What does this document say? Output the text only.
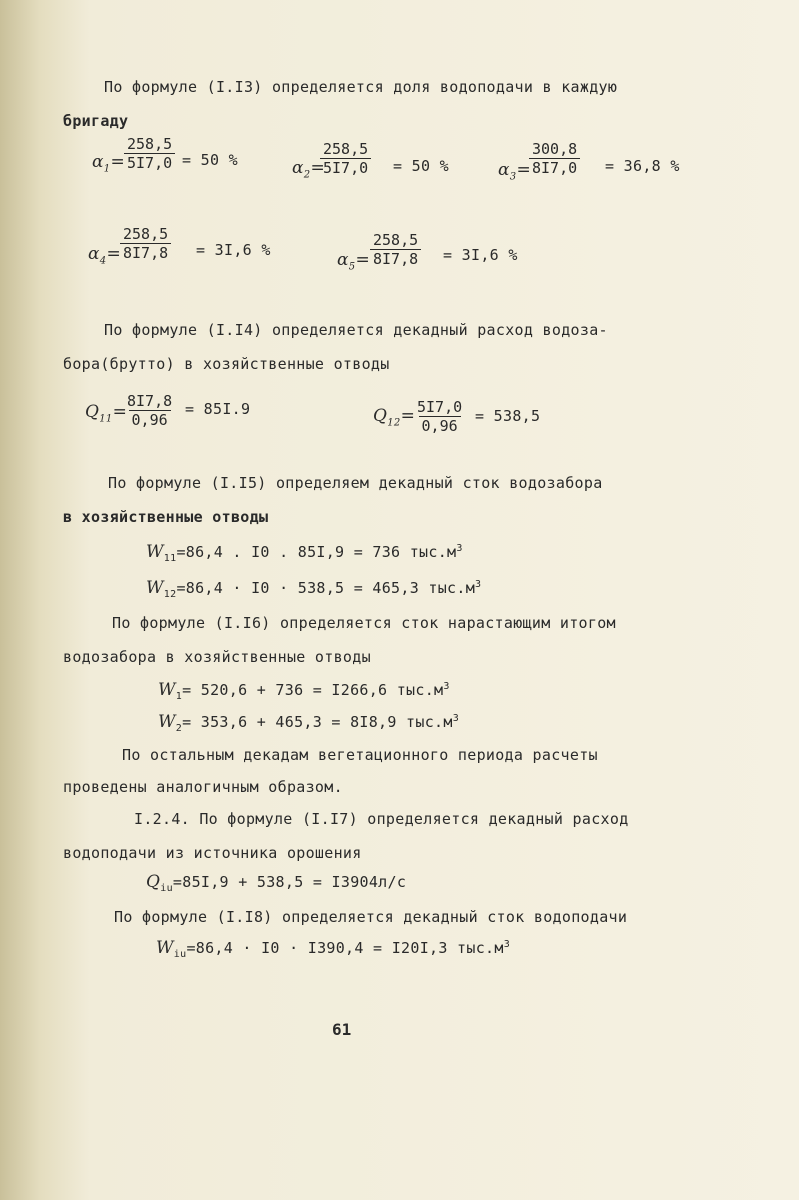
По формуле (I.I3) определяется доля водоподачи в каждую
бригаду
$\alpha_1= \frac{258,5}{5I7,0} = 50$ %	$\alpha_2=$
$\frac{258,5}{5I7,0} = 50$ %	$\alpha_3=$
$\frac{300,8}{8I7,0} = 36,8$ %
$\alpha_4= \frac{258,5}{8I7,8} = 3I,6$ %	$\alpha_5= \frac{258,5}{8I7,8} = 3I,6$ %
По формуле (I.I4) определяется декадный расход водоза-
бора(брутто) в хозяйственные отводы
$Q_{11}=$
$\frac{8I7,8}{0,96} = 85I.9$	$Q_{12}=$
$\frac{5I7,0}{0,96} = 538,5$
По формуле (I.I5) определяем декадный сток водозабора
в хозяйственные отводы
$W_{11}=86,4$ . I0 . 85I,9 = 736 $тыс.м^3$
$W_{12}=86,4 \cdot I0 \cdot 538,5 = 465,3$ $тыс.м^3$
По формуле (I.I6) определяется сток нарастающим итогом
водозабора в хозяйственные отводы
$W_1= 520,6 + 736 = I266,6$ $тыс.м^3$
$W_2= 353,6 + 465,3 = 8I8,9$ $тыс.м^3$
По остальным декадам вегетационного периода расчеты
проведены аналогичным образом.
I.2.4. По формуле (I.I7) определяется декадный расход
водоподачи из источника орошения
$Q_{iu}=85I,9 + 538,5 = I3904л/с$
По формуле (I.I8) определяется декадный сток водоподачи
$W_{iu}=86,4 \cdot I0 \cdot I390,4 = I20I,3$ $тыс.м^3$
61
